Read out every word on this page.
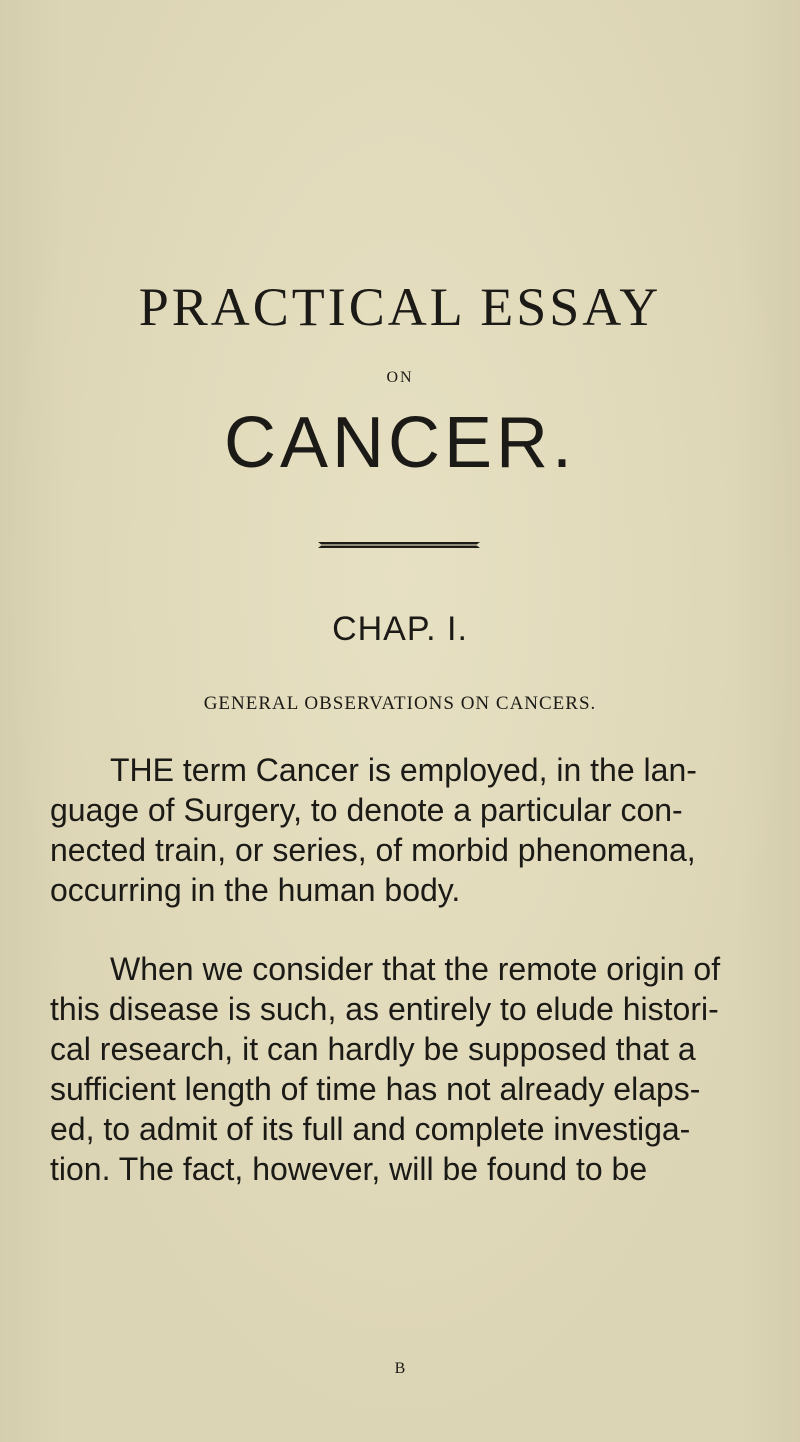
PRACTICAL ESSAY
ON
CANCER.
CHAP. I.
GENERAL OBSERVATIONS ON CANCERS.
THE term Cancer is employed, in the lan-
guage of Surgery, to denote a particular con-
nected train, or series, of morbid phenomena,
occurring in the human body.
When we consider that the remote origin of
this disease is such, as entirely to elude histori-
cal research, it can hardly be supposed that a
sufficient length of time has not already elaps-
ed, to admit of its full and complete investiga-
tion. The fact, however, will be found to be
B
